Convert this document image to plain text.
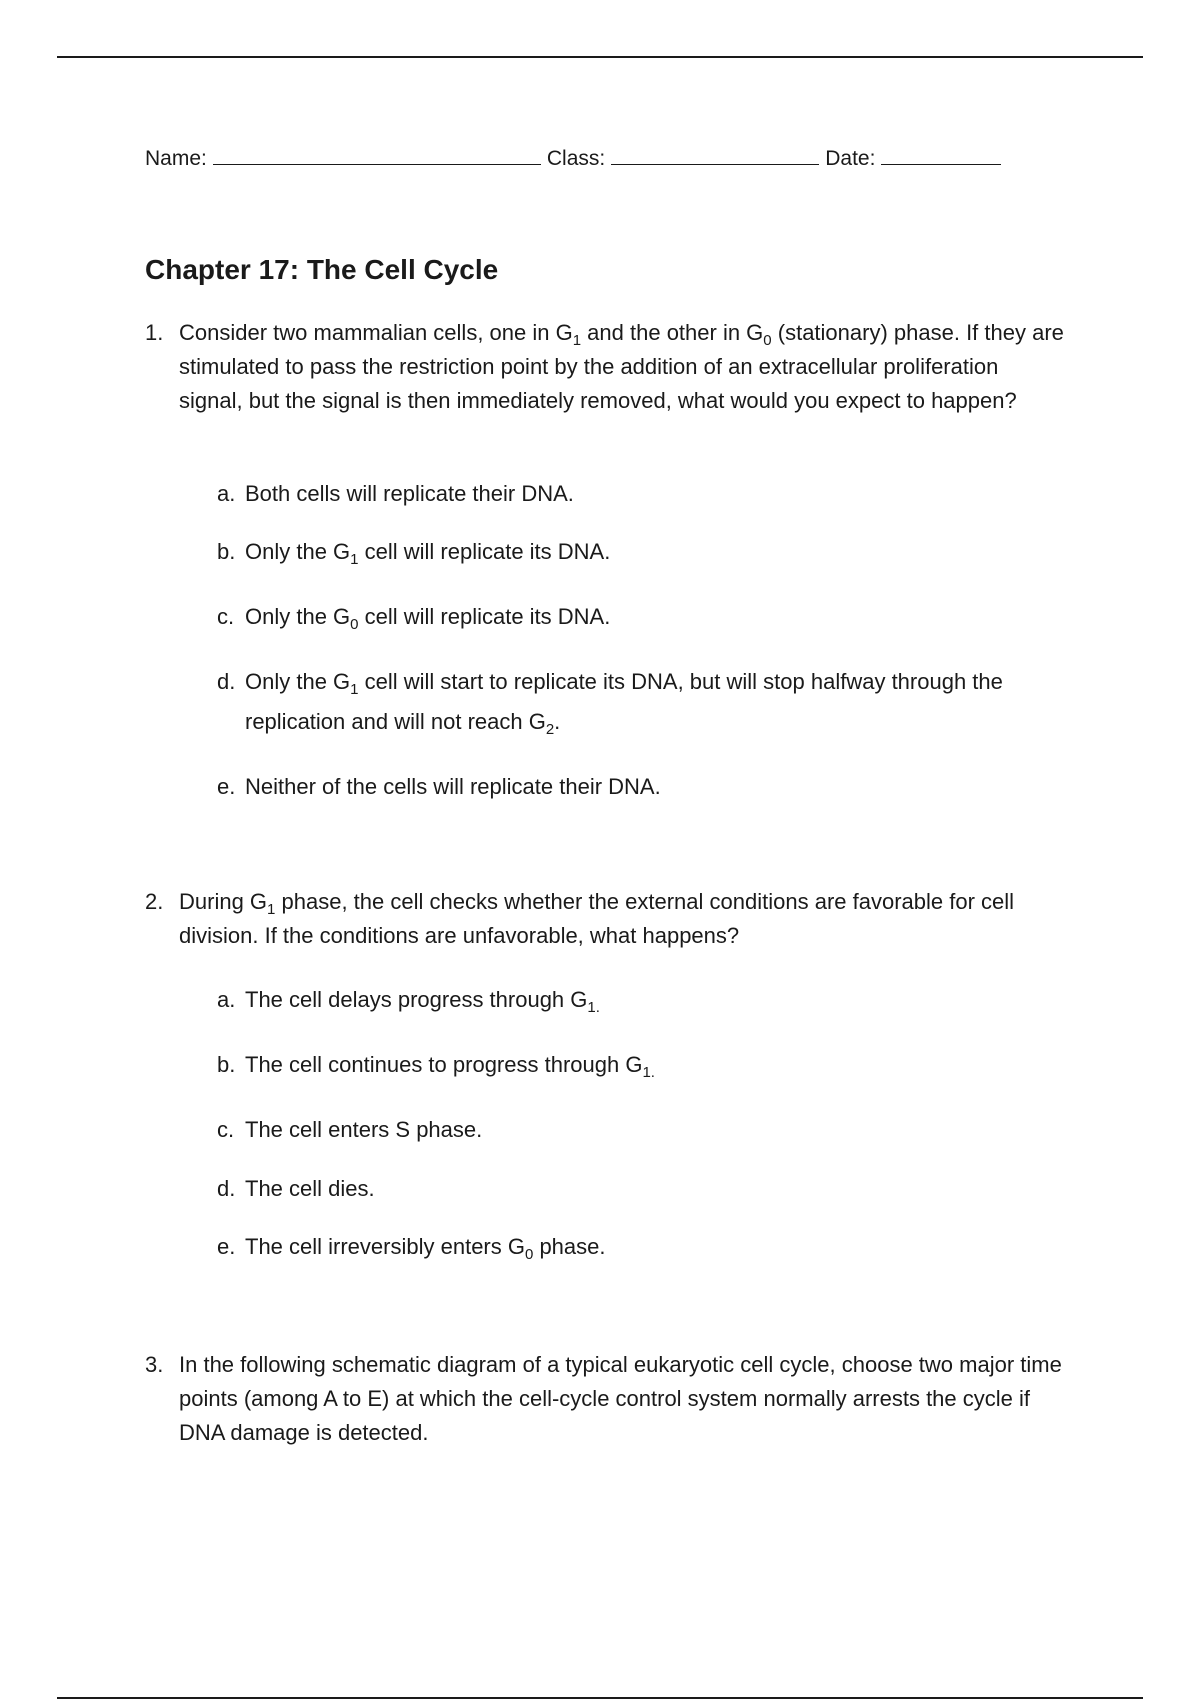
Name:	Class:	Date:
Chapter 17: The Cell Cycle
1. Consider two mammalian cells, one in $G_1$ and the other in $G_0$ (stationary) phase. If they are stimulated to pass the restriction point by the addition of an extracellular proliferation signal, but the signal is then immediately removed, what would you expect to happen?
a. Both cells will replicate their DNA.
b. Only the $G_1$ cell will replicate its DNA.
c. Only the $G_0$ cell will replicate its DNA.
d. Only the $G_1$ cell will start to replicate its DNA, but will stop halfway through the replication and will not reach $G_2$.
e. Neither of the cells will replicate their DNA.
2. During $G_1$ phase, the cell checks whether the external conditions are favorable for cell division. If the conditions are unfavorable, what happens?
a. The cell delays progress through $G_{1.}$
b. The cell continues to progress through $G_{1.}$
c. The cell enters S phase.
d. The cell dies.
e. The cell irreversibly enters $G_0$ phase.
3. In the following schematic diagram of a typical eukaryotic cell cycle, choose two major time points (among A to E) at which the cell-cycle control system normally arrests the cycle if DNA damage is detected.
